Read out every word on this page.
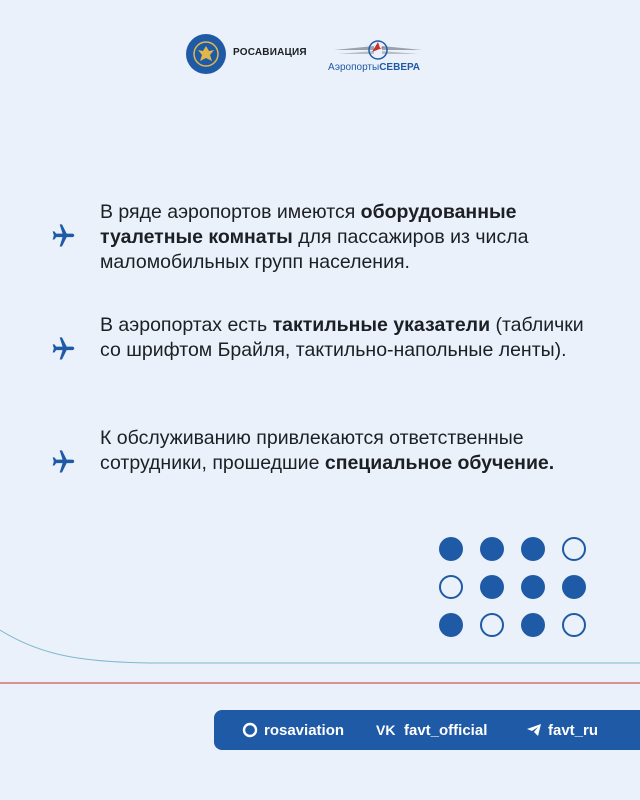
РОСАВИАЦИЯ
АэропортыСЕВЕРА
В ряде аэропортов имеются оборудованные туалетные комнаты для пассажиров из числа маломобильных групп населения.
В аэропортах есть тактильные указатели (таблички со шрифтом Брайля, тактильно-напольные ленты).
К обслуживанию привлекаются ответственные сотрудники, прошедшие специальное обучение.
rosaviation VK favt_official	favt_ru
